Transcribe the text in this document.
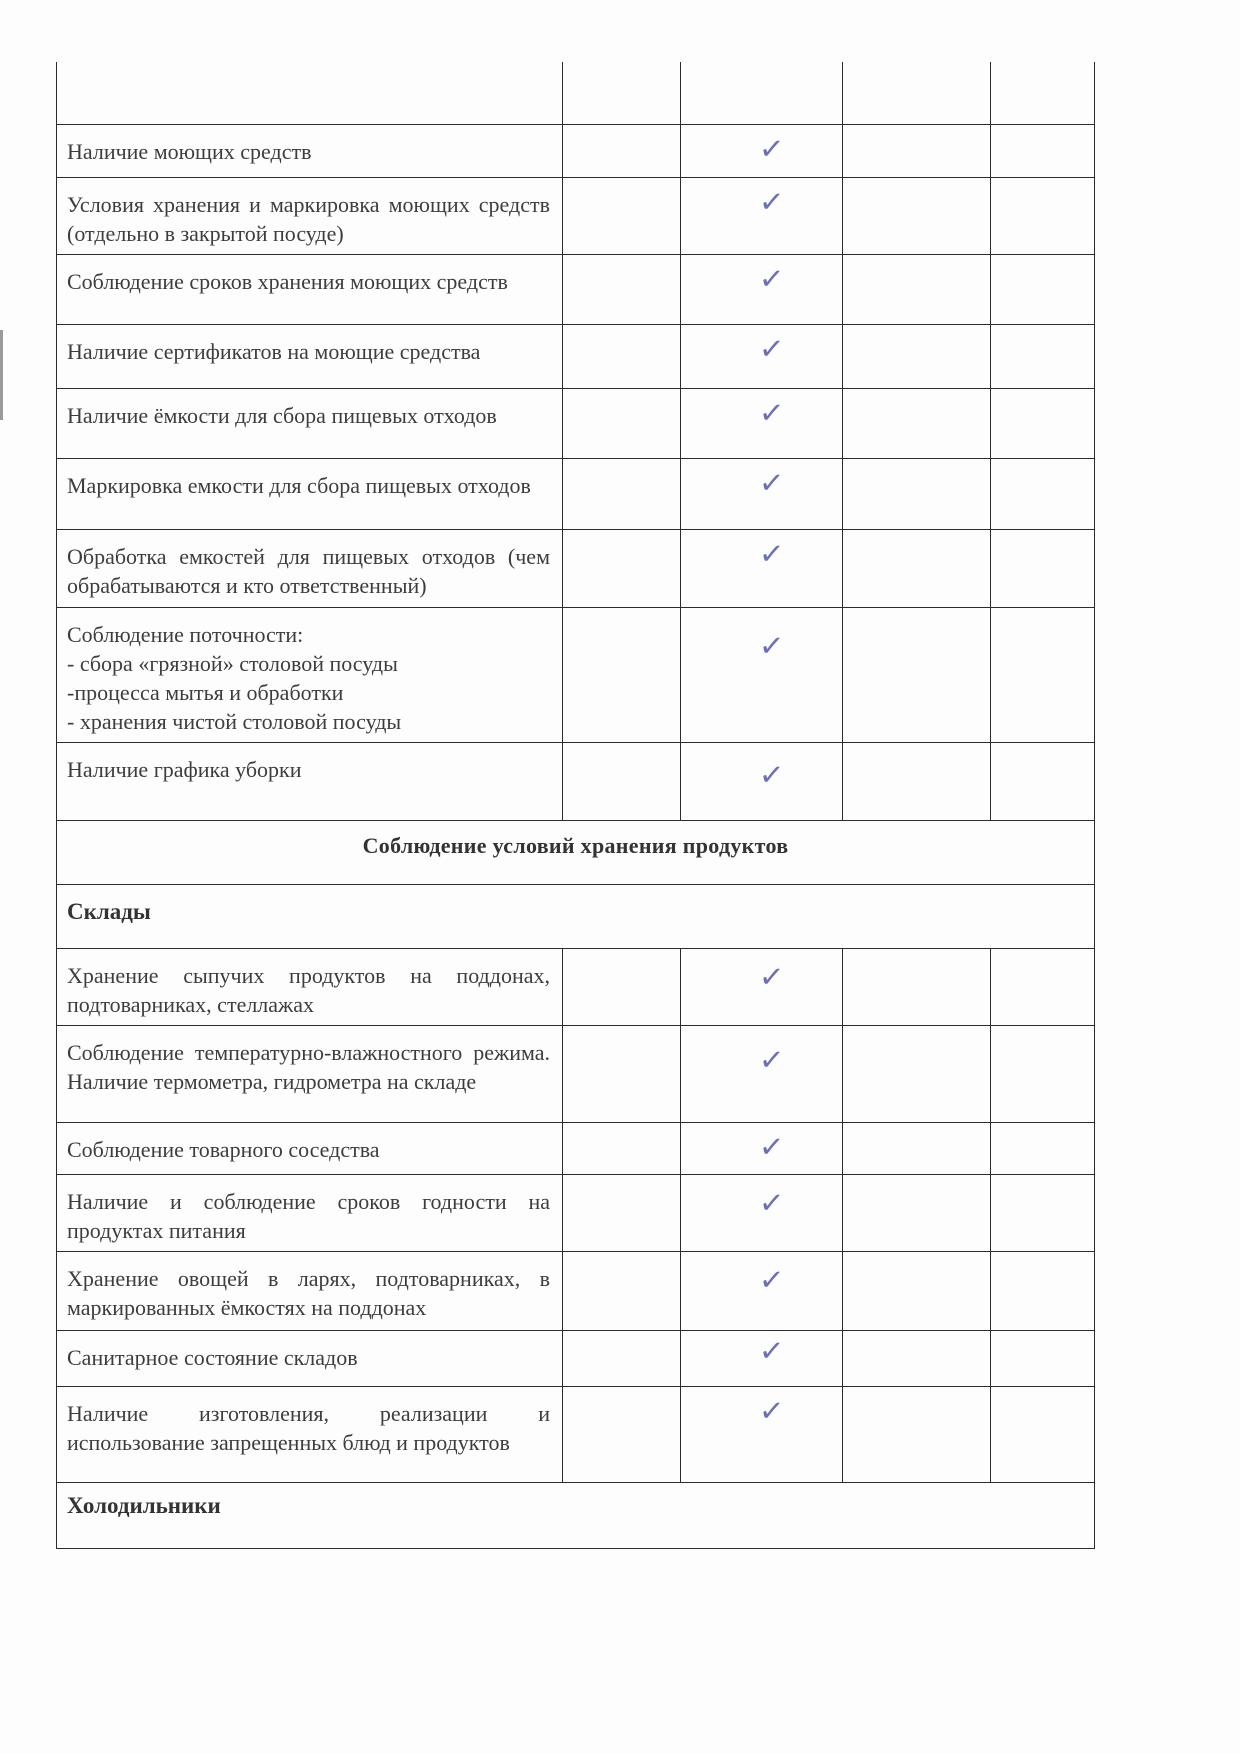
Наличие моющих средств		✓		
Условия хранения и маркировка моющих средств (отдельно в закрытой посуде)		✓		
Соблюдение сроков хранения моющих средств		✓		
Наличие сертификатов на моющие средства		✓		
Наличие ёмкости для сбора пищевых отходов		✓		
Маркировка емкости для сбора пищевых отходов		✓		
Обработка емкостей для пищевых отходов (чем обрабатываются и кто ответственный)		✓		

Соблюдение поточности:
- сбора «грязной» столовой посуды
-процесса мытья и обработки
- хранения чистой столовой посуды		✓		
Наличие графика уборки		✓		
Соблюдение условий хранения продуктов				
Склады				
Хранение сыпучих продуктов на поддонах, подтоварниках, стеллажах		✓		
Соблюдение температурно-влажностного режима. Наличие термометра, гидрометра на складе		✓		
Соблюдение товарного соседства		✓		
Наличие и соблюдение сроков годности на продуктах питания		✓		
Хранение овощей в ларях, подтоварниках, в маркированных ёмкостях на поддонах		✓		
Санитарное состояние складов		✓		
Наличие изготовления, реализации и использование запрещенных блюд и продуктов		✓		
Холодильники				
